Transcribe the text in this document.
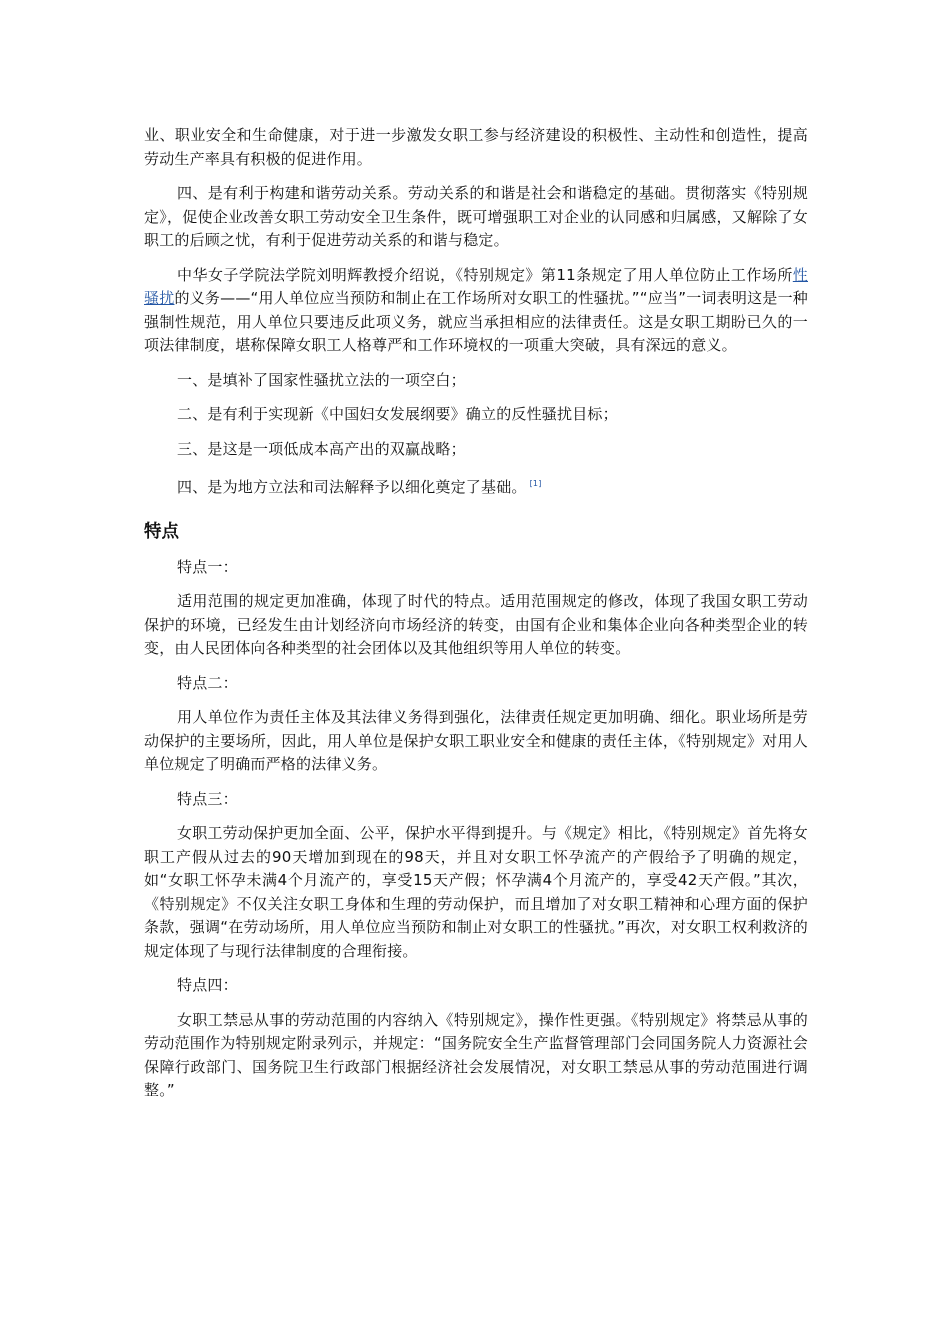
业、职业安全和生命健康，对于进一步激发女职工参与经济建设的积极性、主动性和创造性，提高劳动生产率具有积极的促进作用。

四、是有利于构建和谐劳动关系。劳动关系的和谐是社会和谐稳定的基础。贯彻落实《特别规定》，促使企业改善女职工劳动安全卫生条件，既可增强职工对企业的认同感和归属感，又解除了女职工的后顾之忧，有利于促进劳动关系的和谐与稳定。

中华女子学院法学院刘明辉教授介绍说，《特别规定》第11条规定了用人单位防止工作场所性骚扰的义务——“用人单位应当预防和制止在工作场所对女职工的性骚扰。”“应当”一词表明这是一种强制性规范，用人单位只要违反此项义务，就应当承担相应的法律责任。这是女职工期盼已久的一项法律制度，堪称保障女职工人格尊严和工作环境权的一项重大突破，具有深远的意义。

一、是填补了国家性骚扰立法的一项空白；

二、是有利于实现新《中国妇女发展纲要》确立的反性骚扰目标；

三、是这是一项低成本高产出的双赢战略；

四、是为地方立法和司法解释予以细化奠定了基础。 [1]

特点

特点一：

适用范围的规定更加准确，体现了时代的特点。适用范围规定的修改，体现了我国女职工劳动保护的环境，已经发生由计划经济向市场经济的转变，由国有企业和集体企业向各种类型企业的转变，由人民团体向各种类型的社会团体以及其他组织等用人单位的转变。

特点二：

用人单位作为责任主体及其法律义务得到强化，法律责任规定更加明确、细化。职业场所是劳动保护的主要场所，因此，用人单位是保护女职工职业安全和健康的责任主体，《特别规定》对用人单位规定了明确而严格的法律义务。

特点三：

女职工劳动保护更加全面、公平，保护水平得到提升。与《规定》相比，《特别规定》首先将女职工产假从过去的90天增加到现在的98天，并且对女职工怀孕流产的产假给予了明确的规定，如“女职工怀孕未满4个月流产的，享受15天产假；怀孕满4个月流产的，享受42天产假。”其次，《特别规定》不仅关注女职工身体和生理的劳动保护，而且增加了对女职工精神和心理方面的保护条款，强调“在劳动场所，用人单位应当预防和制止对女职工的性骚扰。”再次，对女职工权利救济的规定体现了与现行法律制度的合理衔接。

特点四：

女职工禁忌从事的劳动范围的内容纳入《特别规定》，操作性更强。《特别规定》将禁忌从事的劳动范围作为特别规定附录列示，并规定：“国务院安全生产监督管理部门会同国务院人力资源社会保障行政部门、国务院卫生行政部门根据经济社会发展情况，对女职工禁忌从事的劳动范围进行调整。”
